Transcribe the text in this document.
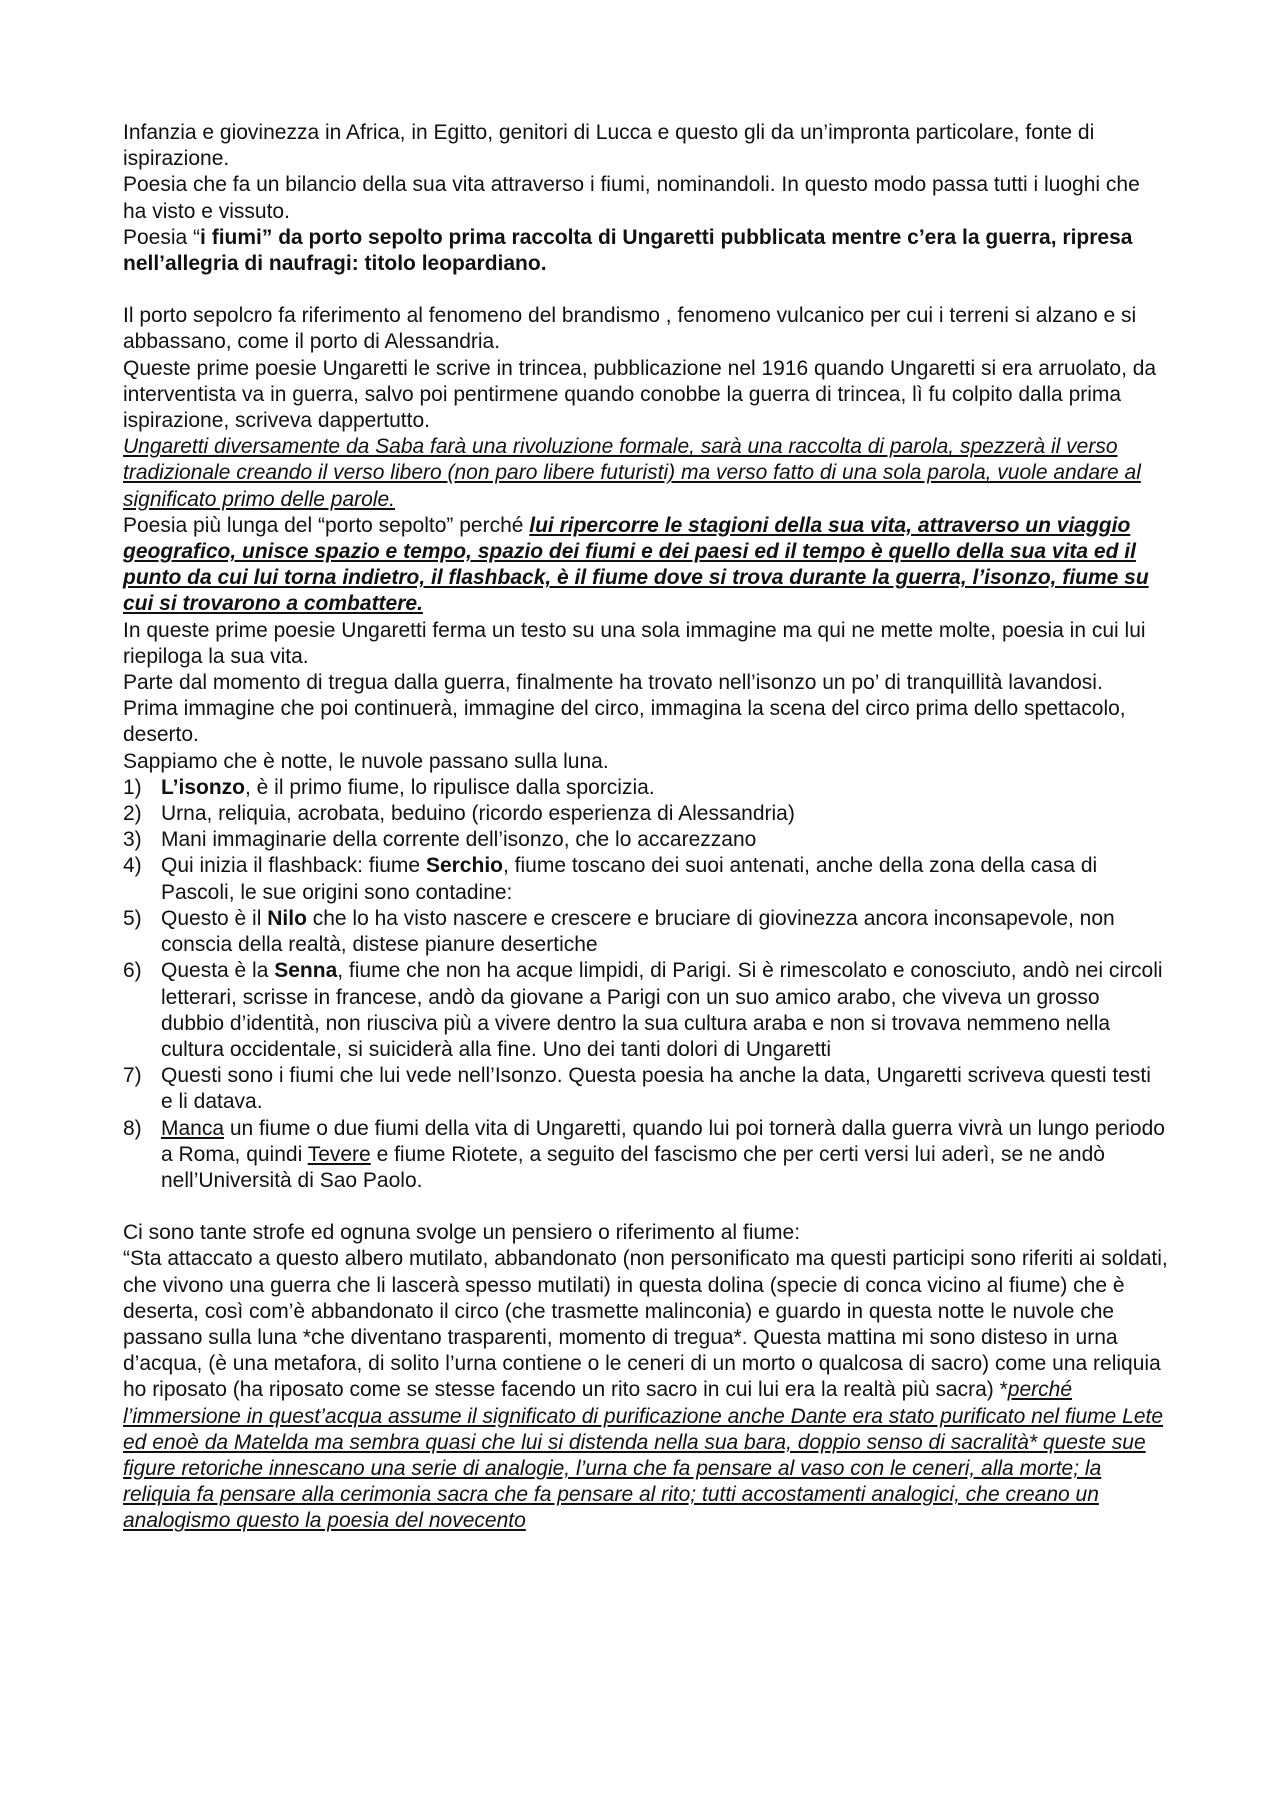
Infanzia e giovinezza in Africa, in Egitto, genitori di Lucca e questo gli da un’impronta particolare, fonte di ispirazione.

Poesia che fa un bilancio della sua vita attraverso i fiumi, nominandoli. In questo modo passa tutti i luoghi che ha visto e vissuto.

Poesia “i fiumi” da porto sepolto prima raccolta di Ungaretti pubblicata mentre c’era la guerra, ripresa nell’allegria di naufragi: titolo leopardiano.

Il porto sepolcro fa riferimento al fenomeno del brandismo , fenomeno vulcanico per cui i terreni si alzano e si abbassano, come il porto di Alessandria.

Queste prime poesie Ungaretti le scrive in trincea, pubblicazione nel 1916 quando Ungaretti si era arruolato, da interventista va in guerra, salvo poi pentirmene quando conobbe la guerra di trincea, lì fu colpito dalla prima ispirazione, scriveva dappertutto.

Ungaretti diversamente da Saba farà una rivoluzione formale, sarà una raccolta di parola, spezzerà il verso tradizionale creando il verso libero (non paro libere futuristi) ma verso fatto di una sola parola, vuole andare al significato primo delle parole.

Poesia più lunga del “porto sepolto” perché lui ripercorre le stagioni della sua vita, attraverso un viaggio geografico, unisce spazio e tempo, spazio dei fiumi e dei paesi ed il tempo è quello della sua vita ed il punto da cui lui torna indietro, il flashback, è il fiume dove si trova durante la guerra, l’isonzo, fiume su cui si trovarono a combattere.

In queste prime poesie Ungaretti ferma un testo su una sola immagine ma qui ne mette molte, poesia in cui lui riepiloga la sua vita.

Parte dal momento di tregua dalla guerra, finalmente ha trovato nell’isonzo un po’ di tranquillità lavandosi.

Prima immagine che poi continuerà, immagine del circo, immagina la scena del circo prima dello spettacolo, deserto.

Sappiamo che è notte, le nuvole passano sulla luna.

1) L’isonzo, è il primo fiume, lo ripulisce dalla sporcizia.
2) Urna, reliquia, acrobata, beduino (ricordo esperienza di Alessandria)
3) Mani immaginarie della corrente dell’isonzo, che lo accarezzano
4) Qui inizia il flashback: fiume Serchio, fiume toscano dei suoi antenati, anche della zona della casa di Pascoli, le sue origini sono contadine:
5) Questo è il Nilo che lo ha visto nascere e crescere e bruciare di giovinezza ancora inconsapevole, non conscia della realtà, distese pianure desertiche
6) Questa è la Senna, fiume che non ha acque limpidi, di Parigi. Si è rimescolato e conosciuto, andò nei circoli letterari, scrisse in francese, andò da giovane a Parigi con un suo amico arabo, che viveva un grosso dubbio d’identità, non riusciva più a vivere dentro la sua cultura araba e non si trovava nemmeno nella cultura occidentale, si suiciderà alla fine. Uno dei tanti dolori di Ungaretti
7) Questi sono i fiumi che lui vede nell’Isonzo. Questa poesia ha anche la data, Ungaretti scriveva questi testi e li datava.
8) Manca un fiume o due fiumi della vita di Ungaretti, quando lui poi tornerà dalla guerra vivrà un lungo periodo a Roma, quindi Tevere e fiume Riotete, a seguito del fascismo che per certi versi lui aderì, se ne andò nell’Università di Sao Paolo.

Ci sono tante strofe ed ognuna svolge un pensiero o riferimento al fiume:

“Sta attaccato a questo albero mutilato, abbandonato (non personificato ma questi participi sono riferiti ai soldati, che vivono una guerra che li lascerà spesso mutilati) in questa dolina (specie di conca vicino al fiume) che è deserta, così com’è abbandonato il circo (che trasmette malinconia) e guardo in questa notte le nuvole che passano sulla luna *che diventano trasparenti, momento di tregua*. Questa mattina mi sono disteso in urna d’acqua, (è una metafora, di solito l’urna contiene o le ceneri di un morto o qualcosa di sacro) come una reliquia ho riposato (ha riposato come se stesse facendo un rito sacro in cui lui era la realtà più sacra) *perché l’immersione in quest’acqua assume il significato di purificazione anche Dante era stato purificato nel fiume Lete ed enoè da Matelda ma sembra quasi che lui si distenda nella sua bara, doppio senso di sacralità* queste sue figure retoriche innescano una serie di analogie, l’urna che fa pensare al vaso con le ceneri, alla morte; la reliquia fa pensare alla cerimonia sacra che fa pensare al rito; tutti accostamenti analogici, che creano un analogismo questo la poesia del novecento
